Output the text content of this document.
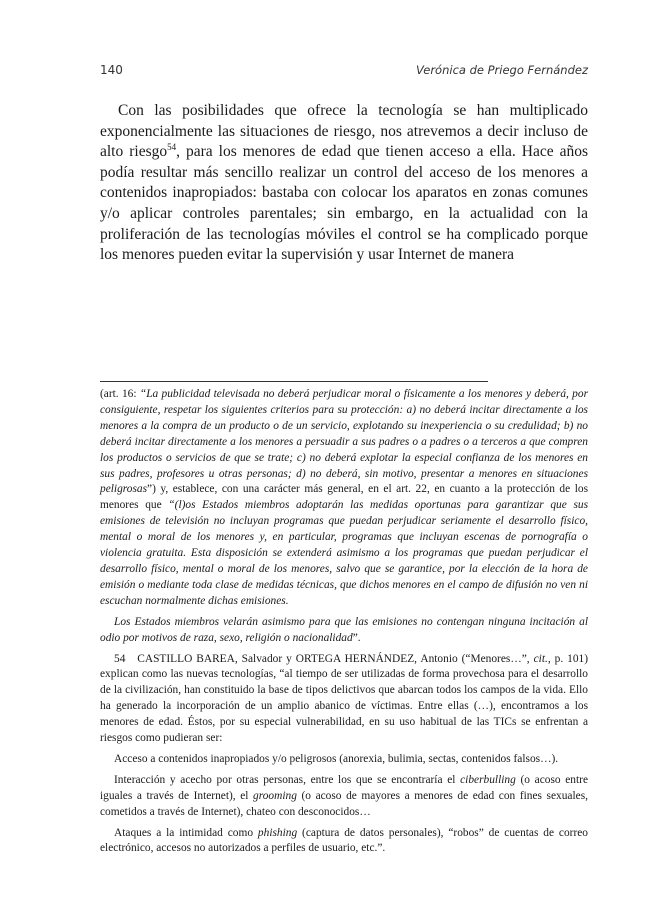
140	Verónica de Priego Fernández

Con las posibilidades que ofrece la tecnología se han multiplicado exponencialmente las situaciones de riesgo, nos atrevemos a decir incluso de alto riesgo$^{54}$, para los menores de edad que tienen acceso a ella. Hace años podía resultar más sencillo realizar un control del acceso de los menores a contenidos inapropiados: bastaba con colocar los aparatos en zonas comunes y/o aplicar controles parentales; sin embargo, en la actualidad con la proliferación de las tecnologías móviles el control se ha complicado porque los menores pueden evitar la supervisión y usar Internet de manera

(art. 16: “La publicidad televisada no deberá perjudicar moral o físicamente a los menores y deberá, por consiguiente, respetar los siguientes criterios para su protección: a) no deberá incitar directamente a los menores a la compra de un producto o de un servicio, explotando su inexperiencia o su credulidad; b) no deberá incitar directamente a los menores a persuadir a sus padres o a padres o a terceros a que compren los productos o servicios de que se trate; c) no deberá explotar la especial confianza de los menores en sus padres, profesores u otras personas; d) no deberá, sin motivo, presentar a menores en situaciones peligrosas”) y, establece, con una carácter más general, en el art. 22, en cuanto a la protección de los menores que “(l)os Estados miembros adoptarán las medidas oportunas para garantizar que sus emisiones de televisión no incluyan programas que puedan perjudicar seriamente el desarrollo físico, mental o moral de los menores y, en particular, programas que incluyan escenas de pornografía o violencia gratuita. Esta disposición se extenderá asimismo a los programas que puedan perjudicar el desarrollo físico, mental o moral de los menores, salvo que se garantice, por la elección de la hora de emisión o mediante toda clase de medidas técnicas, que dichos menores en el campo de difusión no ven ni escuchan normalmente dichas emisiones.

Los Estados miembros velarán asimismo para que las emisiones no contengan ninguna incitación al odio por motivos de raza, sexo, religión o nacionalidad”.

54 CASTILLO BAREA, Salvador y ORTEGA HERNÁNDEZ, Antonio (“Menores…”, cit., p. 101) explican como las nuevas tecnologías, “al tiempo de ser utilizadas de forma provechosa para el desarrollo de la civilización, han constituido la base de tipos delictivos que abarcan todos los campos de la vida. Ello ha generado la incorporación de un amplio abanico de víctimas. Entre ellas (…), encontramos a los menores de edad. Éstos, por su especial vulnerabilidad, en su uso habitual de las TICs se enfrentan a riesgos como pudieran ser:

Acceso a contenidos inapropiados y/o peligrosos (anorexia, bulimia, sectas, contenidos falsos…).

Interacción y acecho por otras personas, entre los que se encontraría el ciberbulling (o acoso entre iguales a través de Internet), el grooming (o acoso de mayores a menores de edad con fines sexuales, cometidos a través de Internet), chateo con desconocidos…

Ataques a la intimidad como phishing (captura de datos personales), “robos” de cuentas de correo electrónico, accesos no autorizados a perfiles de usuario, etc.”.
